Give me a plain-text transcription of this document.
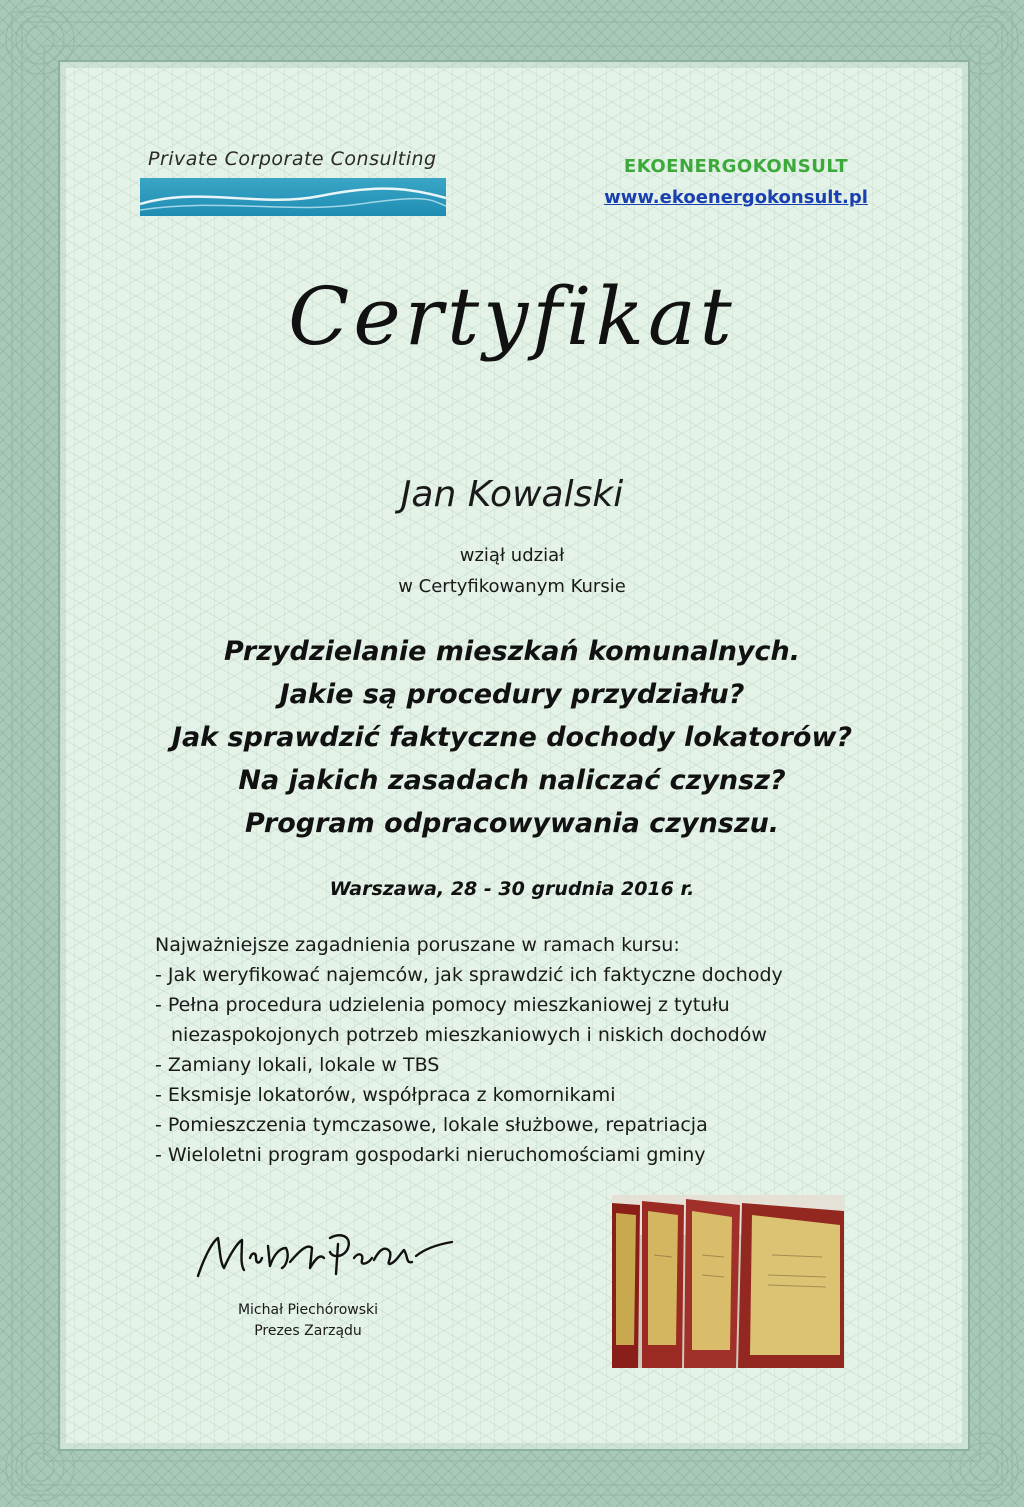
Private Corporate Consulting	EKOENERGOKONSULT
www.ekoenergokonsult.pl
Certyfikat
Jan Kowalski
wziął udział
w Certyfikowanym Kursie
Przydzielanie mieszkań komunalnych.
Jakie są procedury przydziału?
Jak sprawdzić faktyczne dochody lokatorów?
Na jakich zasadach naliczać czynsz?
Program odpracowywania czynszu.
Warszawa, 28 - 30 grudnia 2016 r.
Najważniejsze zagadnienia poruszane w ramach kursu:
- Jak weryfikować najemców, jak sprawdzić ich faktyczne dochody
- Pełna procedura udzielenia pomocy mieszkaniowej z tytułu
niezaspokojonych potrzeb mieszkaniowych i niskich dochodów
- Zamiany lokali, lokale w TBS
- Eksmisje lokatorów, współpraca z komornikami
- Pomieszczenia tymczasowe, lokale służbowe, repatriacja
- Wieloletni program gospodarki nieruchomościami gminy
Michał Piechórowski
Prezes Zarządu
